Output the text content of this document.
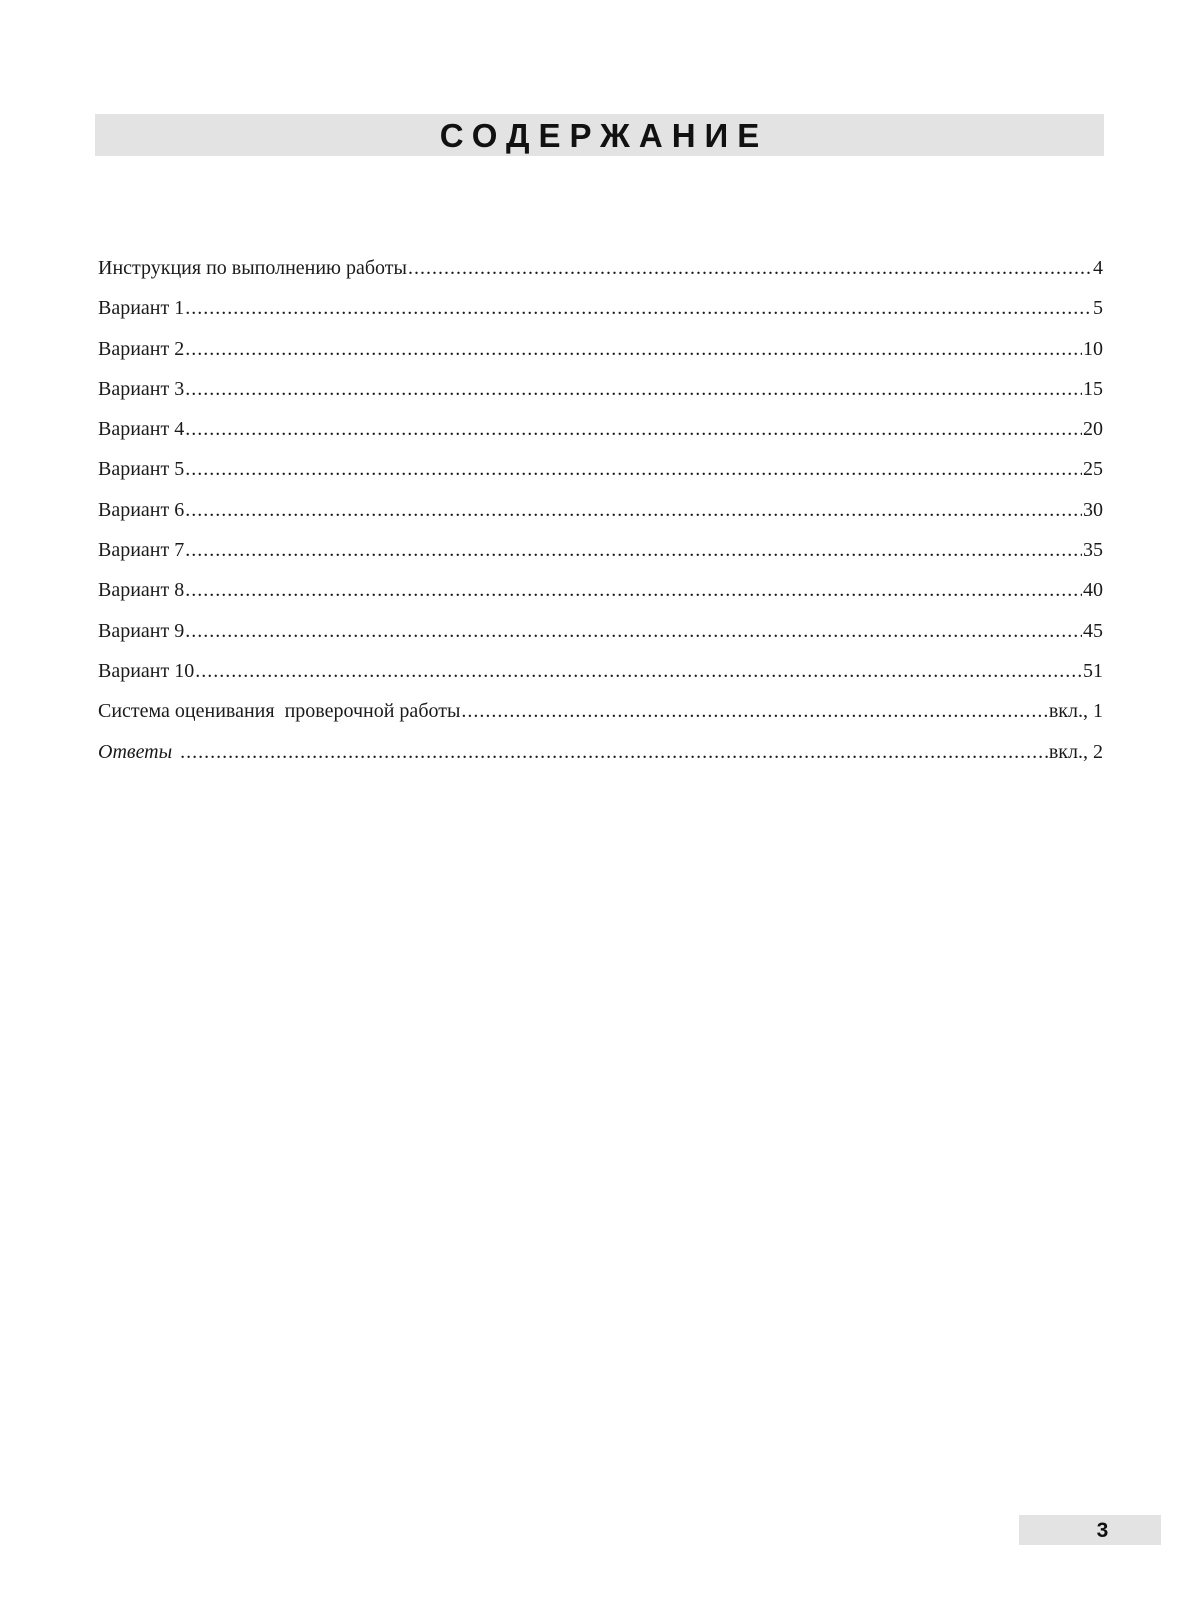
СОДЕРЖАНИЕ
Инструкция по выполнению работы .....	4
Вариант 1 .....	5
Вариант 2 .....	10
Вариант 3 .....	15
Вариант 4 .....	20
Вариант 5 .....	25
Вариант 6 .....	30
Вариант 7 .....	35
Вариант 8 .....	40
Вариант 9 .....	45
Вариант 10 .....	51
Система оценивания  проверочной работы .....	вкл., 1
Ответы .....	вкл., 2
3
